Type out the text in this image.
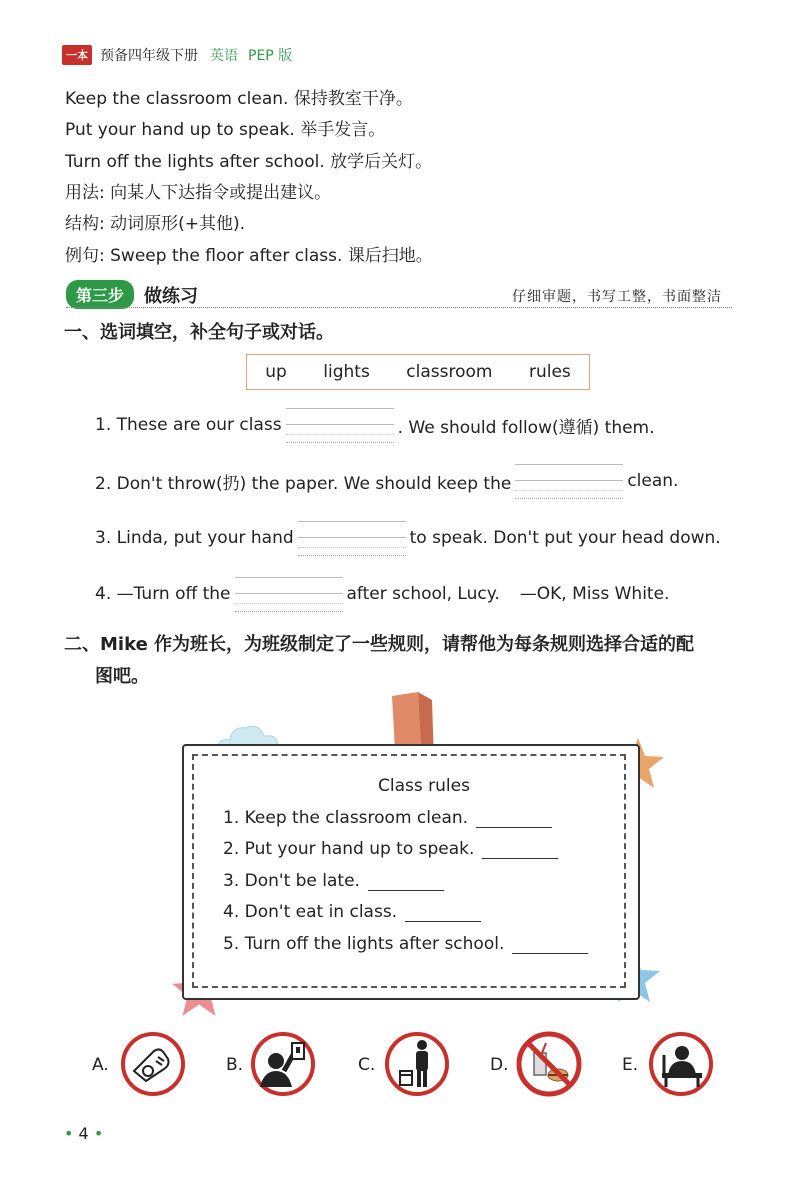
一本 预备四年级下册 英语 PEP 版
Keep the classroom clean. 保持教室干净。
Put your hand up to speak. 举手发言。
Turn off the lights after school. 放学后关灯。
用法: 向某人下达指令或提出建议。
结构: 动词原形(+其他).
例句: Sweep the floor after class. 课后扫地。
第三步	做练习	仔细审题，书写工整，书面整洁
一、选词填空，补全句子或对话。
up lights classroom rules
1. These are our class	. We should follow(遵循) them.
2. Don't throw(扔) the paper. We should keep the	clean.
3. Linda, put your hand	to speak. Don't put your head down.
4. —Turn off the	after school, Lucy. —OK, Miss White.
二、Mike 作为班长，为班级制定了一些规则，请帮他为每条规则选择合适的配
图吧。
Class rules
1. Keep the classroom clean.
2. Put your hand up to speak.
3. Don't be late.
4. Don't eat in class.
5. Turn off the lights after school.
A.	B.	C.	D.	E.
• 4 •
